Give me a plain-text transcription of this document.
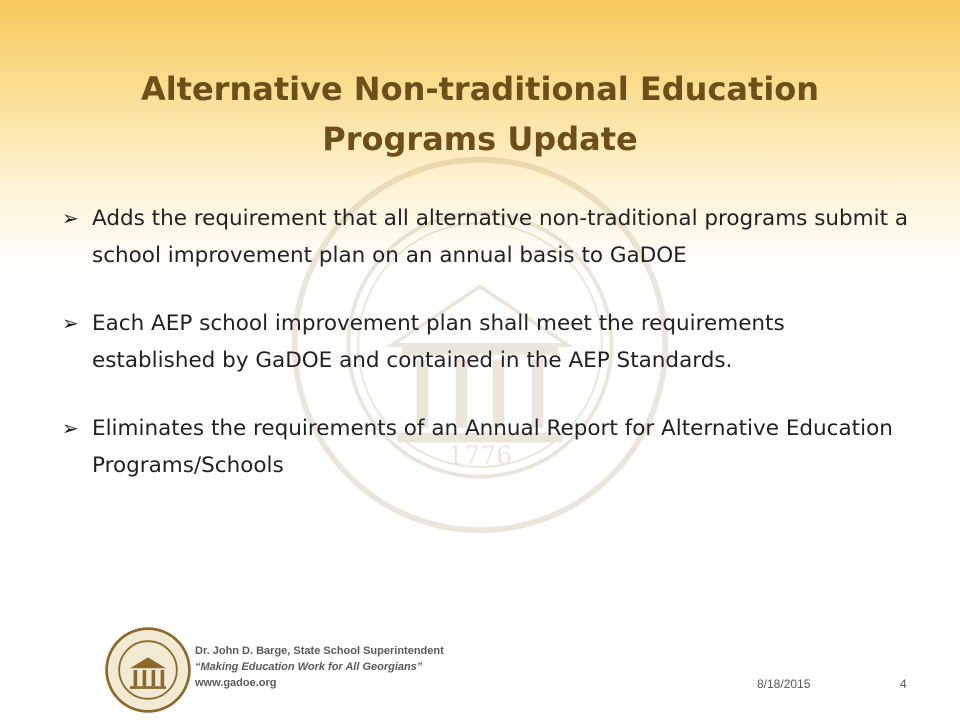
1776
Alternative Non-traditional Education
Programs Update
➢ Adds the requirement that all alternative non-traditional programs submit a school improvement plan on an annual basis to GaDOE
➢ Each AEP school improvement plan shall meet the requirements established by GaDOE and contained in the AEP Standards.
➢ Eliminates the requirements of an Annual Report for Alternative Education Programs/Schools
Dr. John D. Barge, State School Superintendent
“Making Education Work for All Georgians”
www.gadoe.org	8/18/2015	4
